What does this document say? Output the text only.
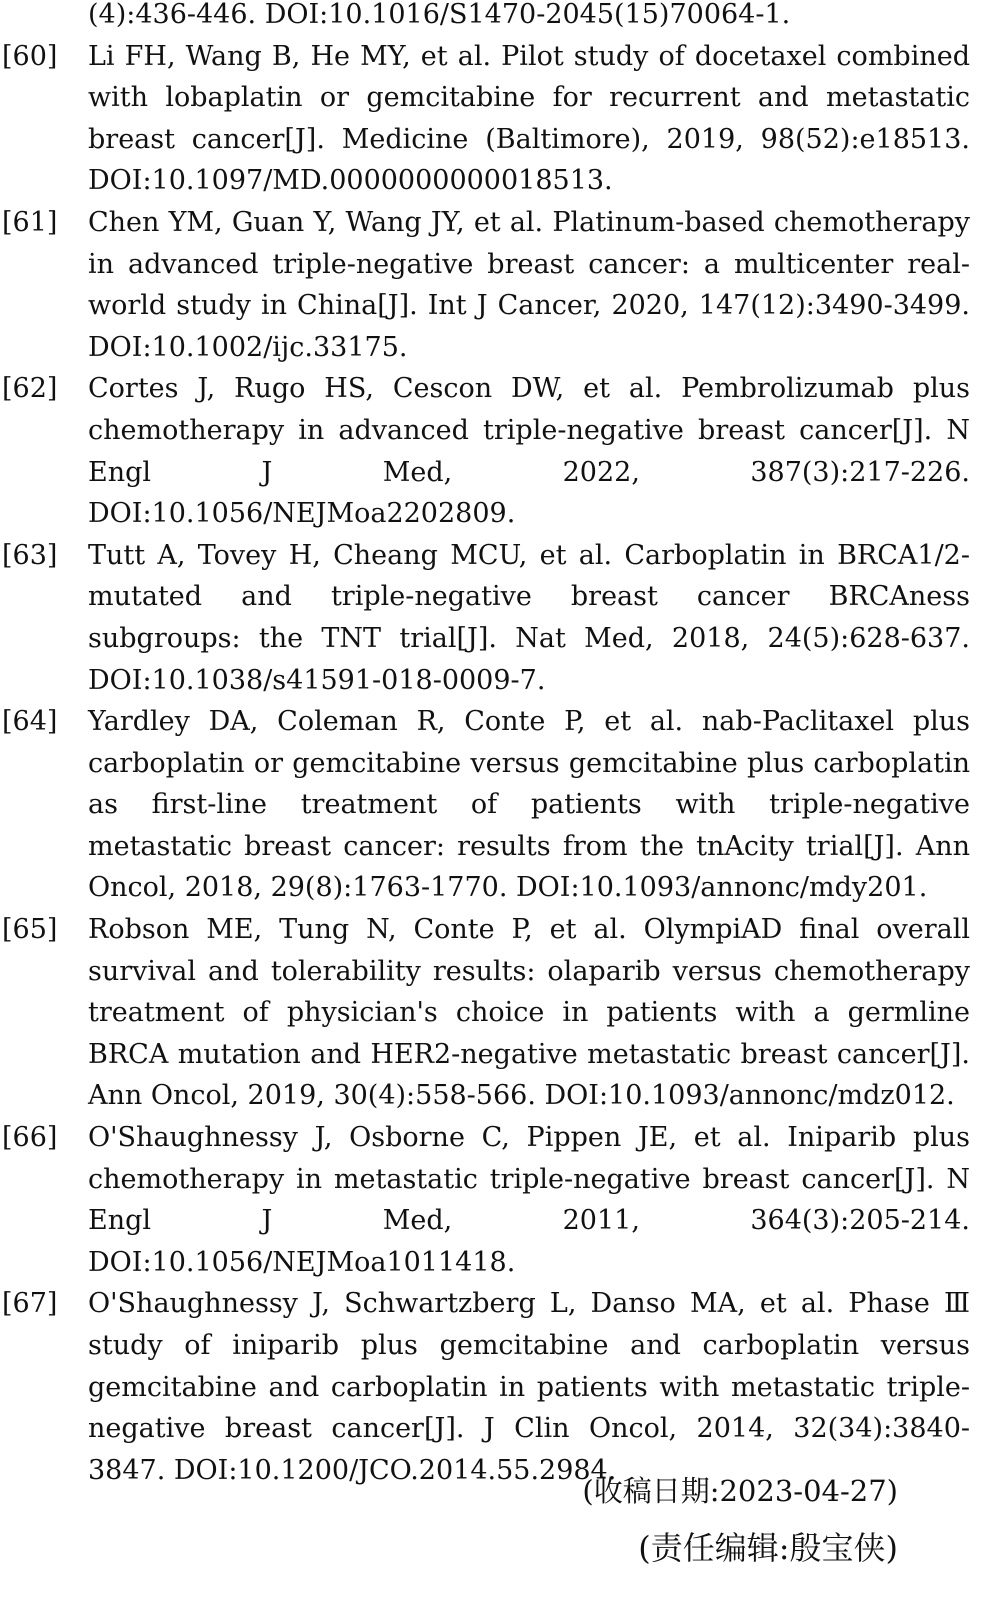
(4):436-446. DOI:10.1016/S1470-2045(15)70064-1.
[60]	Li FH, Wang B, He MY, et al. Pilot study of docetaxel combined with lobaplatin or gemcitabine for recurrent and metastatic breast cancer[J]. Medicine (Baltimore), 2019, 98(52):e18513. DOI:10.1097/MD.0000000000018513.
[61]	Chen YM, Guan Y, Wang JY, et al. Platinum-based chemotherapy in advanced triple-negative breast cancer: a multicenter real-world study in China[J]. Int J Cancer, 2020, 147(12):3490-3499. DOI:10.1002/ijc.33175.
[62]	Cortes J, Rugo HS, Cescon DW, et al. Pembrolizumab plus chemotherapy in advanced triple-negative breast cancer[J]. N Engl J Med, 2022, 387(3):217-226. DOI:10.1056/NEJMoa2202809.
[63]	Tutt A, Tovey H, Cheang MCU, et al. Carboplatin in BRCA1/2-mutated and triple-negative breast cancer BRCAness subgroups: the TNT trial[J]. Nat Med, 2018, 24(5):628-637. DOI:10.1038/s41591-018-0009-7.
[64]	Yardley DA, Coleman R, Conte P, et al. nab-Paclitaxel plus carboplatin or gemcitabine versus gemcitabine plus carboplatin as first-line treatment of patients with triple-negative metastatic breast cancer: results from the tnAcity trial[J]. Ann Oncol, 2018, 29(8):1763-1770. DOI:10.1093/annonc/mdy201.
[65]	Robson ME, Tung N, Conte P, et al. OlympiAD final overall survival and tolerability results: olaparib versus chemotherapy treatment of physician's choice in patients with a germline BRCA mutation and HER2-negative metastatic breast cancer[J]. Ann Oncol, 2019, 30(4):558-566. DOI:10.1093/annonc/mdz012.
[66]	O'Shaughnessy J, Osborne C, Pippen JE, et al. Iniparib plus chemotherapy in metastatic triple-negative breast cancer[J]. N Engl J Med, 2011, 364(3):205-214. DOI:10.1056/NEJMoa1011418.
[67]	O'Shaughnessy J, Schwartzberg L, Danso MA, et al. Phase Ⅲ study of iniparib plus gemcitabine and carboplatin versus gemcitabine and carboplatin in patients with metastatic triple-negative breast cancer[J]. J Clin Oncol, 2014, 32(34):3840-3847. DOI:10.1200/JCO.2014.55.2984.
(收稿日期:2023-04-27)
(责任编辑:殷宝侠)
